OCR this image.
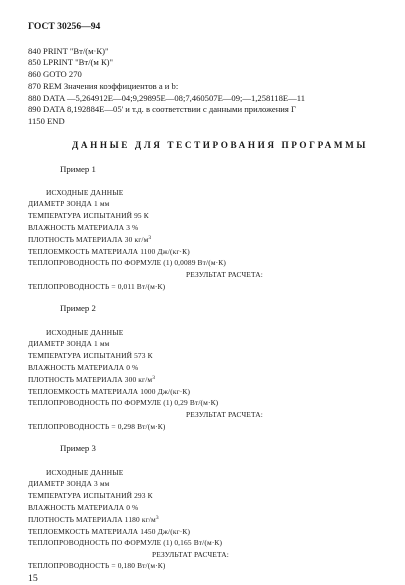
ГОСТ 30256—94
840 PRINT "Вт/(м·К)"
850 LPRINT "Вт/(м К)"
860 GOTO 270
870 REM Значения коэффициентов a и b:
880 DATA —5,264912E—04;9,29895E—08;7,460507E—09;—1,258118E—11
890 DATA 8,192884E—05' и т.д. в соответствии с данными приложения Г
1150 END
ДАННЫЕ ДЛЯ ТЕСТИРОВАНИЯ ПРОГРАММЫ
Пример 1
ИСХОДНЫЕ ДАННЫЕ
ДИАМЕТР ЗОНДА 1 мм
ТЕМПЕРАТУРА ИСПЫТАНИЙ 95 К
ВЛАЖНОСТЬ МАТЕРИАЛА 3 %
ПЛОТНОСТЬ МАТЕРИАЛА 30 $кг/м^3$
ТЕПЛОЕМКОСТЬ МАТЕРИАЛА 1100 Дж/(кг·К)
ТЕПЛОПРОВОДНОСТЬ ПО ФОРМУЛЕ (1) 0,0089 Вт/(м·К)
РЕЗУЛЬТАТ РАСЧЕТА:
ТЕПЛОПРОВОДНОСТЬ = 0,011 Вт/(м·К)
Пример 2
ИСХОДНЫЕ ДАННЫЕ
ДИАМЕТР ЗОНДА 1 мм
ТЕМПЕРАТУРА ИСПЫТАНИЙ 573 К
ВЛАЖНОСТЬ МАТЕРИАЛА 0 %
ПЛОТНОСТЬ МАТЕРИАЛА 300 $кг/м^3$
ТЕПЛОЕМКОСТЬ МАТЕРИАЛА 1000 Дж/(кг·К)
ТЕПЛОПРОВОДНОСТЬ ПО ФОРМУЛЕ (1) 0,29 Вт/(м·К)
РЕЗУЛЬТАТ РАСЧЕТА:
ТЕПЛОПРОВОДНОСТЬ = 0,298 Вт/(м·К)
Пример 3
ИСХОДНЫЕ ДАННЫЕ
ДИАМЕТР ЗОНДА 3 мм
ТЕМПЕРАТУРА ИСПЫТАНИЙ 293 К
ВЛАЖНОСТЬ МАТЕРИАЛА 0 %
ПЛОТНОСТЬ МАТЕРИАЛА 1180 $кг/м^3$
ТЕПЛОЕМКОСТЬ МАТЕРИАЛА 1450 Дж/(кг·К)
ТЕПЛОПРОВОДНОСТЬ ПО ФОРМУЛЕ (1) 0,165 Вт/(м·К)
РЕЗУЛЬТАТ РАСЧЕТА:
ТЕПЛОПРОВОДНОСТЬ = 0,180 Вт/(м·К)
15
